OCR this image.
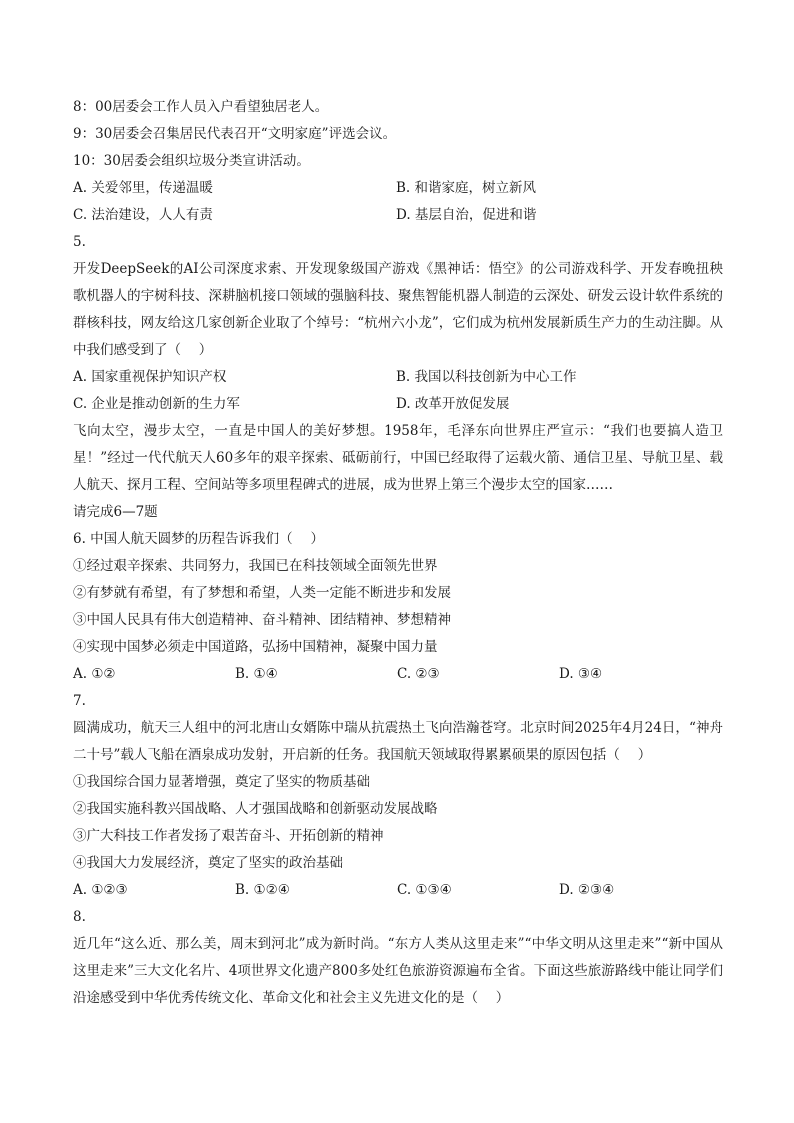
8：00居委会工作人员入户看望独居老人。
9：30居委会召集居民代表召开“文明家庭”评选会议。
10：30居委会组织垃圾分类宣讲活动。
A. 关爱邻里，传递温暖	B. 和谐家庭，树立新风
C. 法治建设，人人有责	D. 基层自治，促进和谐
5.
开发DeepSeek的AI公司深度求索、开发现象级国产游戏《黑神话：悟空》的公司游戏科学、开发春晚扭秧歌机器人的宇树科技、深耕脑机接口领域的强脑科技、聚焦智能机器人制造的云深处、研发云设计软件系统的群核科技，网友给这几家创新企业取了个绰号：“杭州六小龙”，它们成为杭州发展新质生产力的生动注脚。从中我们感受到了（　 ）
A. 国家重视保护知识产权	B. 我国以科技创新为中心工作
C. 企业是推动创新的生力军	D. 改革开放促发展
飞向太空，漫步太空，一直是中国人的美好梦想。1958年，毛泽东向世界庄严宣示：“我们也要搞人造卫星！”经过一代代航天人60多年的艰辛探索、砥砺前行，中国已经取得了运载火箭、通信卫星、导航卫星、载人航天、探月工程、空间站等多项里程碑式的进展，成为世界上第三个漫步太空的国家……
请完成6—7题
6. 中国人航天圆梦的历程告诉我们（　 ）
①经过艰辛探索、共同努力，我国已在科技领域全面领先世界
②有梦就有希望，有了梦想和希望，人类一定能不断进步和发展
③中国人民具有伟大创造精神、奋斗精神、团结精神、梦想精神
④实现中国梦必须走中国道路，弘扬中国精神，凝聚中国力量
A. ①②	B. ①④	C. ②③	D. ③④
7.
圆满成功，航天三人组中的河北唐山女婿陈中瑞从抗震热土飞向浩瀚苍穹。北京时间2025年4月24日，“神舟二十号”载人飞船在酒泉成功发射，开启新的任务。我国航天领域取得累累硕果的原因包括（　 ）
①我国综合国力显著增强，奠定了坚实的物质基础
②我国实施科教兴国战略、人才强国战略和创新驱动发展战略
③广大科技工作者发扬了艰苦奋斗、开拓创新的精神
④我国大力发展经济，奠定了坚实的政治基础
A. ①②③	B. ①②④	C. ①③④	D. ②③④
8.
近几年“这么近、那么美，周末到河北”成为新时尚。“东方人类从这里走来”“中华文明从这里走来”“新中国从这里走来”三大文化名片、4项世界文化遗产800多处红色旅游资源遍布全省。下面这些旅游路线中能让同学们沿途感受到中华优秀传统文化、革命文化和社会主义先进文化的是（　 ）
